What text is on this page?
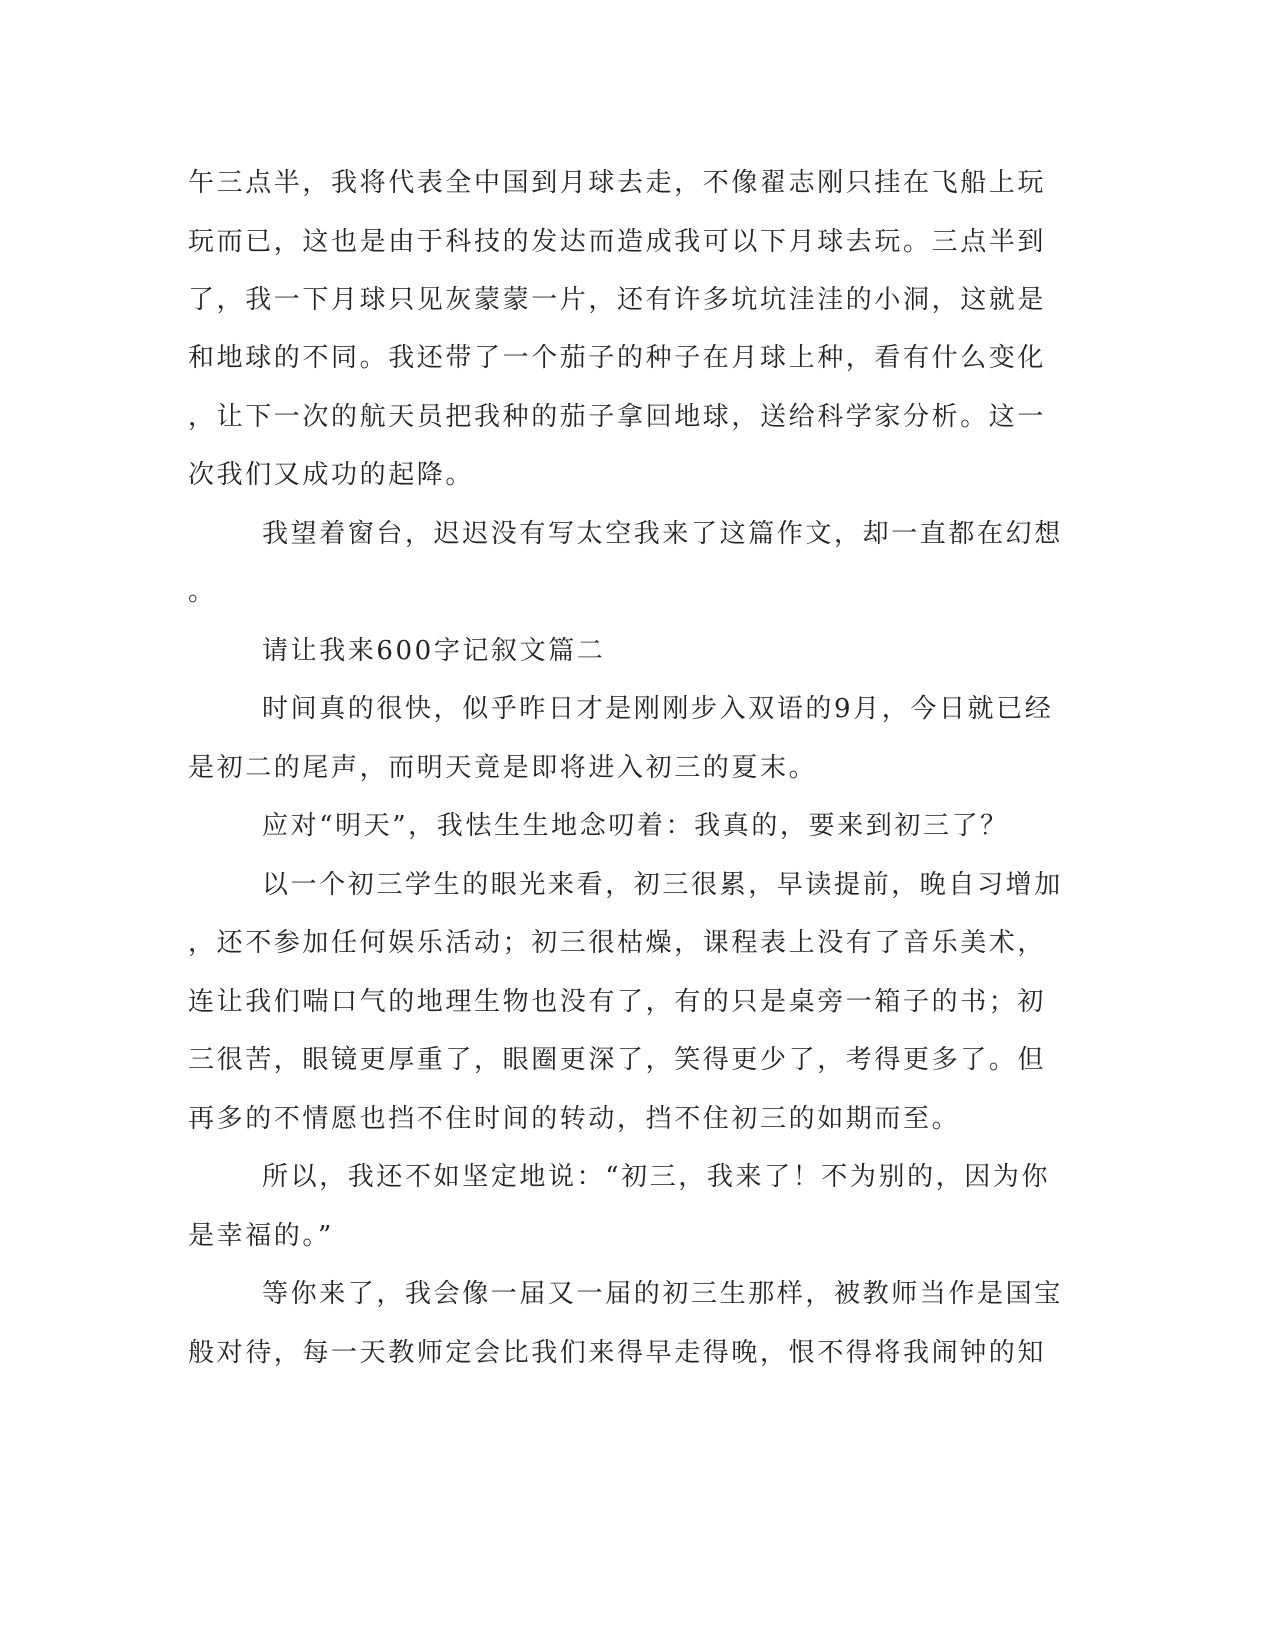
午三点半，我将代表全中国到月球去走，不像翟志刚只挂在飞船上玩
玩而已，这也是由于科技的发达而造成我可以下月球去玩。三点半到
了，我一下月球只见灰蒙蒙一片，还有许多坑坑洼洼的小洞，这就是
和地球的不同。我还带了一个茄子的种子在月球上种，看有什么变化
，让下一次的航天员把我种的茄子拿回地球，送给科学家分析。这一
次我们又成功的起降。
我望着窗台，迟迟没有写太空我来了这篇作文，却一直都在幻想
。
请让我来600字记叙文篇二
时间真的很快，似乎昨日才是刚刚步入双语的9月，今日就已经
是初二的尾声，而明天竟是即将进入初三的夏末。
应对“明天”，我怯生生地念叨着：我真的，要来到初三了？
以一个初三学生的眼光来看，初三很累，早读提前，晚自习增加
，还不参加任何娱乐活动；初三很枯燥，课程表上没有了音乐美术，
连让我们喘口气的地理生物也没有了，有的只是桌旁一箱子的书；初
三很苦，眼镜更厚重了，眼圈更深了，笑得更少了，考得更多了。但
再多的不情愿也挡不住时间的转动，挡不住初三的如期而至。
所以，我还不如坚定地说：“初三，我来了！不为别的，因为你
是幸福的。”
等你来了，我会像一届又一届的初三生那样，被教师当作是国宝
般对待，每一天教师定会比我们来得早走得晚，恨不得将我闹钟的知
